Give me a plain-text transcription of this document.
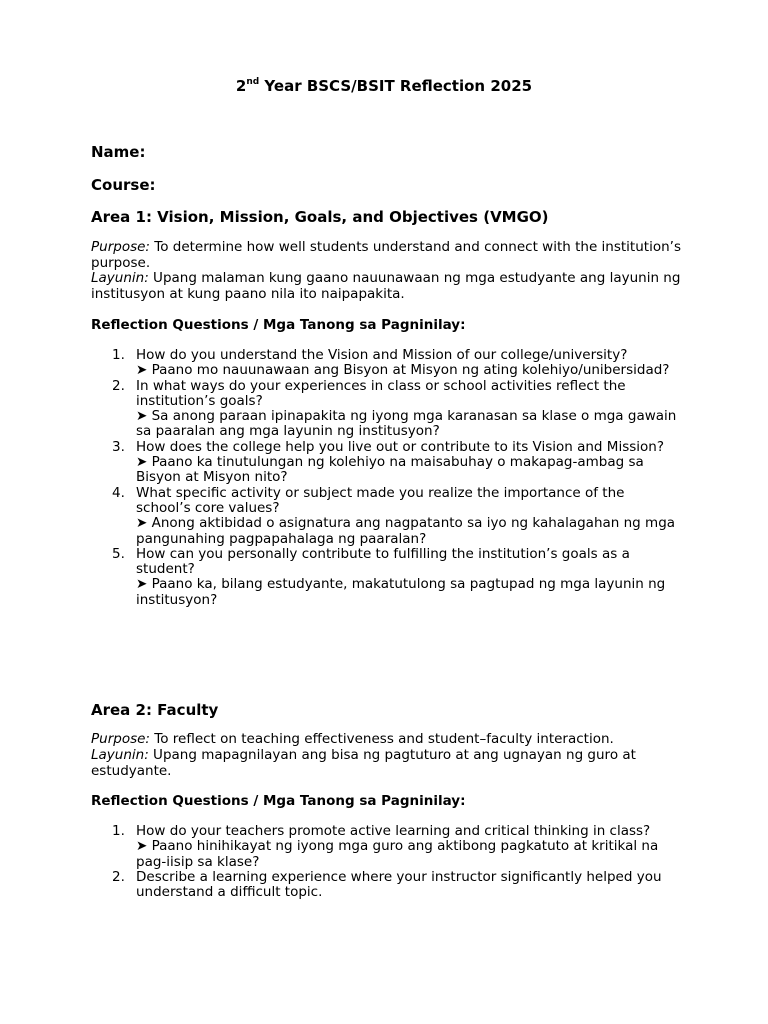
2nd Year BSCS/BSIT Reflection 2025
Name:
Course:
Area 1: Vision, Mission, Goals, and Objectives (VMGO)
Purpose: To determine how well students understand and connect with the institution’s purpose.
Layunin: Upang malaman kung gaano nauunawaan ng mga estudyante ang layunin ng institusyon at kung paano nila ito naipapakita.
Reflection Questions / Mga Tanong sa Pagninilay:
1. How do you understand the Vision and Mission of our college/university?
➤ Paano mo nauunawaan ang Bisyon at Misyon ng ating kolehiyo/unibersidad?
2. In what ways do your experiences in class or school activities reflect the institution’s goals?
➤ Sa anong paraan ipinapakita ng iyong mga karanasan sa klase o mga gawain sa paaralan ang mga layunin ng institusyon?
3. How does the college help you live out or contribute to its Vision and Mission?
➤ Paano ka tinutulungan ng kolehiyo na maisabuhay o makapag-ambag sa Bisyon at Misyon nito?
4. What specific activity or subject made you realize the importance of the school’s core values?
➤ Anong aktibidad o asignatura ang nagpatanto sa iyo ng kahalagahan ng mga pangunahing pagpapahalaga ng paaralan?
5. How can you personally contribute to fulfilling the institution’s goals as a student?
➤ Paano ka, bilang estudyante, makatutulong sa pagtupad ng mga layunin ng institusyon?
Area 2: Faculty
Purpose: To reflect on teaching effectiveness and student–faculty interaction.
Layunin: Upang mapagnilayan ang bisa ng pagtuturo at ang ugnayan ng guro at estudyante.
Reflection Questions / Mga Tanong sa Pagninilay:
1. How do your teachers promote active learning and critical thinking in class?
➤ Paano hinihikayat ng iyong mga guro ang aktibong pagkatuto at kritikal na pag-iisip sa klase?
2. Describe a learning experience where your instructor significantly helped you understand a difficult topic.
